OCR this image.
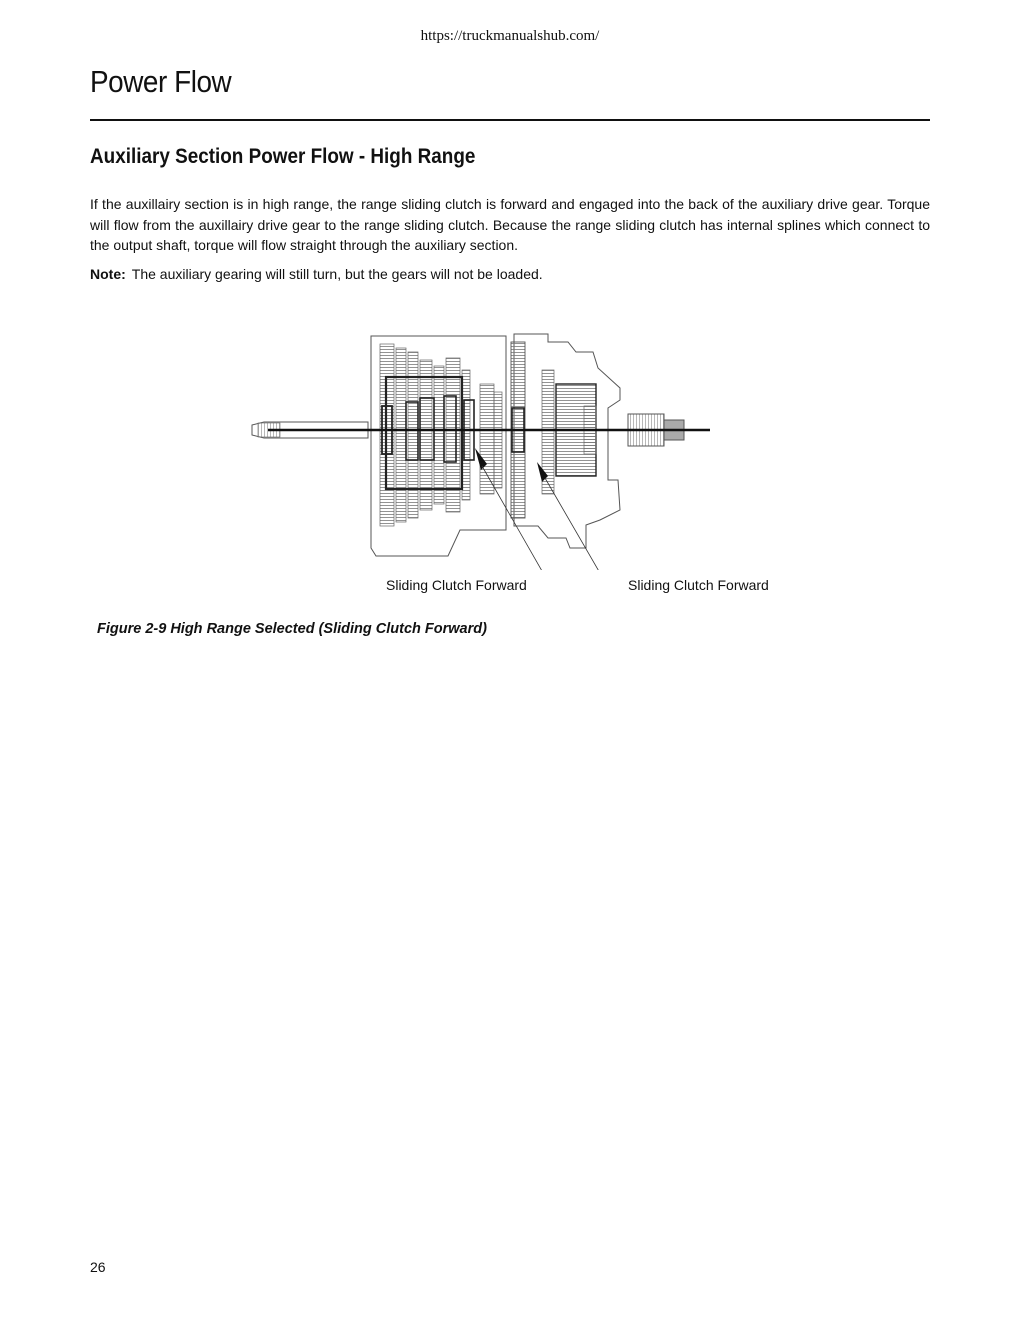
https://truckmanualshub.com/
Power Flow
Auxiliary Section Power Flow - High Range
If the auxillairy section is in high range, the range sliding clutch is forward and engaged into the back of the auxiliary drive gear. Torque will flow from the auxillairy drive gear to the range sliding clutch. Because the range sliding clutch has internal splines which connect to the output shaft, torque will flow straight through the auxiliary section.
Note: The auxiliary gearing will still turn, but the gears will not be loaded.
Sliding Clutch Forward	Sliding Clutch Forward
Figure 2-9 High Range Selected (Sliding Clutch Forward)
26
